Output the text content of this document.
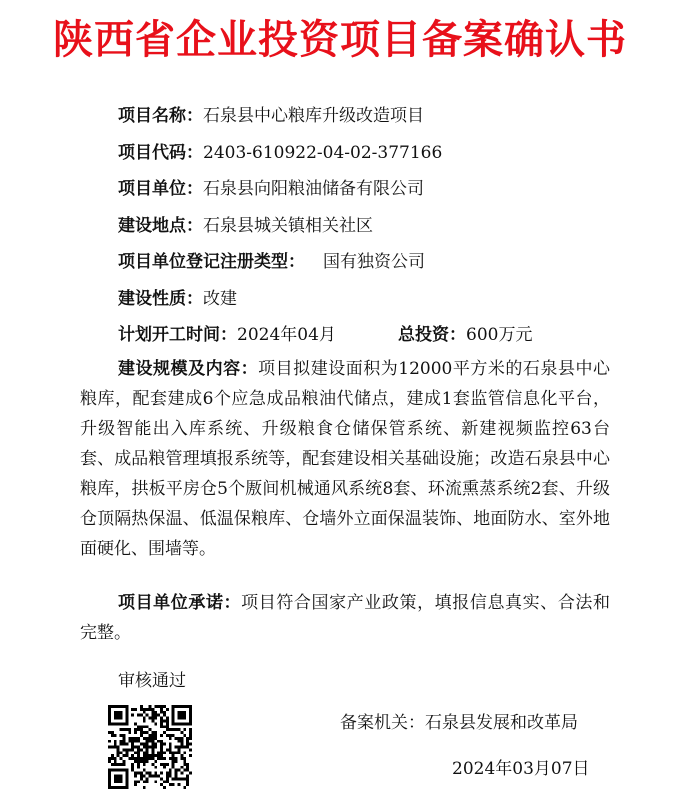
陕西省企业投资项目备案确认书
项目名称：石泉县中心粮库升级改造项目
项目代码：2403-610922-04-02-377166
项目单位：石泉县向阳粮油储备有限公司
建设地点：石泉县城关镇相关社区
项目单位登记注册类型： 国有独资公司
建设性质：改建
计划开工时间：2024年04月	总投资：600万元
建设规模及内容：项目拟建设面积为12000平方米的石泉县中心粮库，配套建成6个应急成品粮油代储点，建成1套监管信息化平台，升级智能出入库系统、升级粮食仓储保管系统、新建视频监控63台套、成品粮管理填报系统等，配套建设相关基础设施；改造石泉县中心粮库，拱板平房仓5个厫间机械通风系统8套、环流熏蒸系统2套、升级仓顶隔热保温、低温保粮库、仓墙外立面保温装饰、地面防水、室外地面硬化、围墙等。
项目单位承诺：项目符合国家产业政策，填报信息真实、合法和完整。
审核通过
备案机关：石泉县发展和改革局
2024年03月07日
